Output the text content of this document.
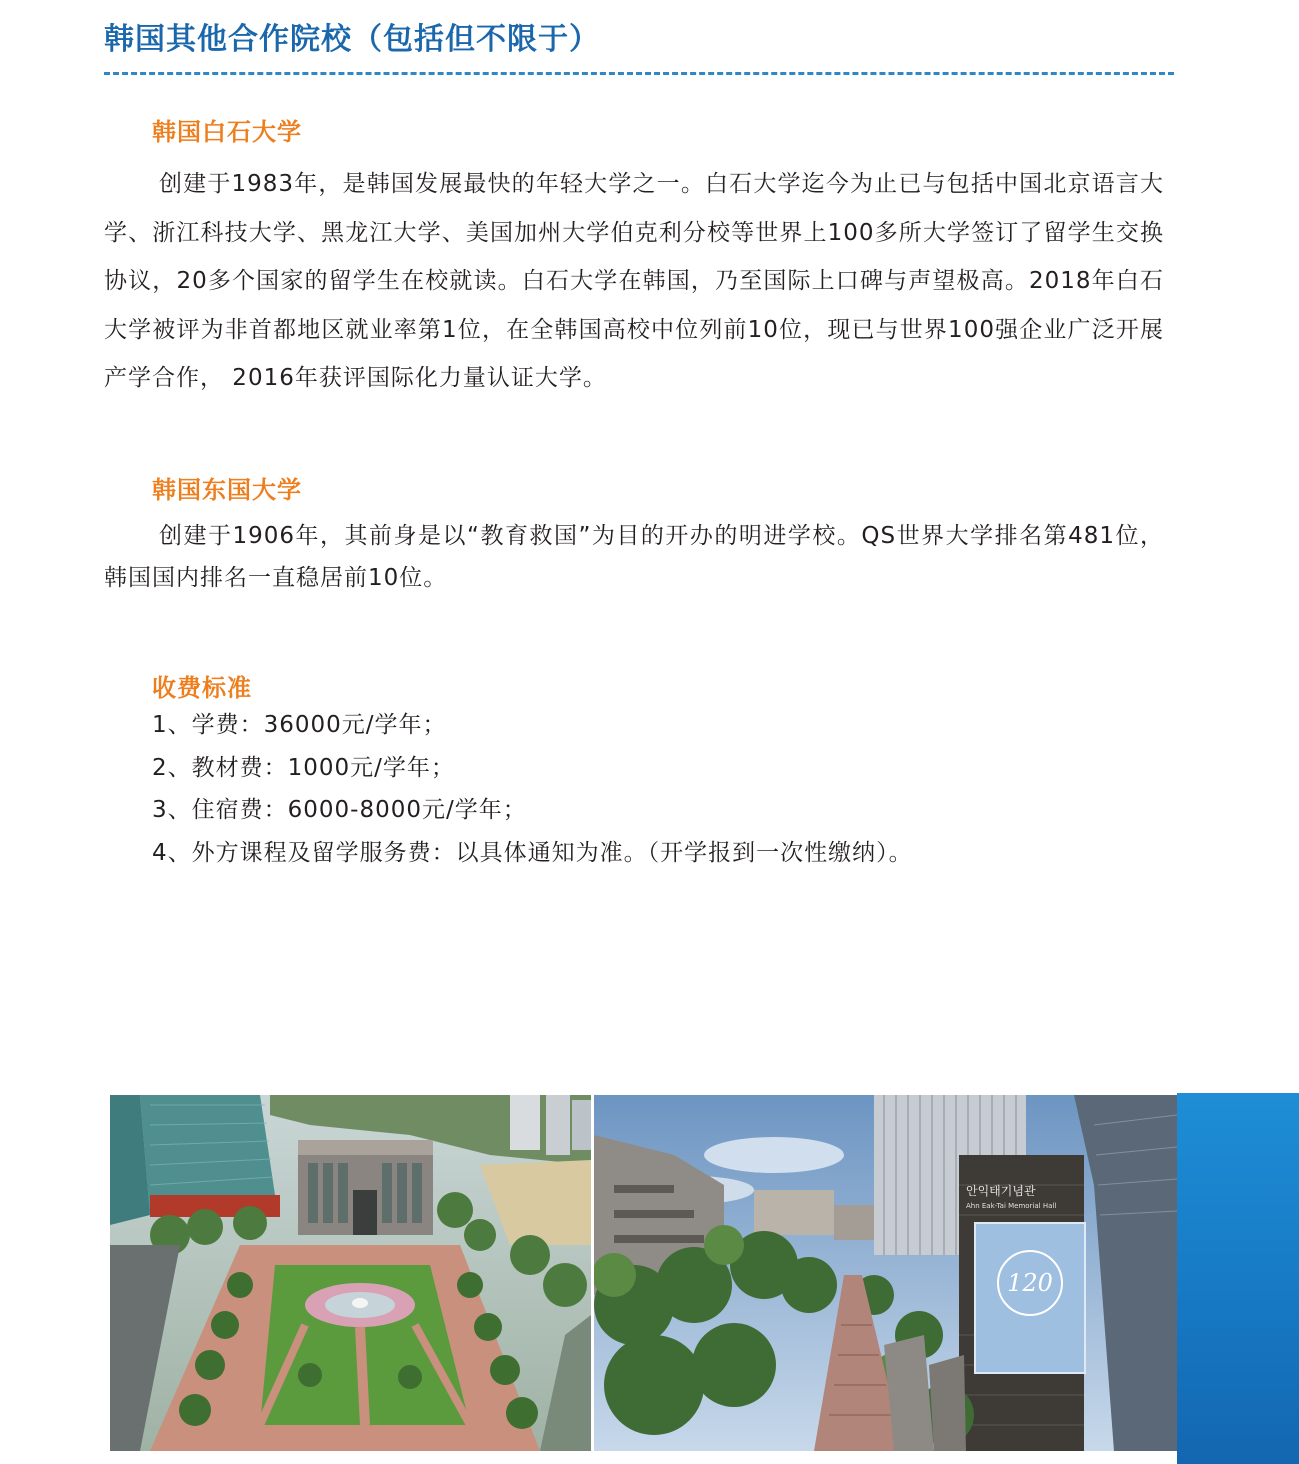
韩国其他合作院校（包括但不限于）
韩国白石大学

创建于1983年，是韩国发展最快的年轻大学之一。白石大学迄今为止已与包括中国北京语言大学、浙江科技大学、黑龙江大学、美国加州大学伯克利分校等世界上100多所大学签订了留学生交换协议，20多个国家的留学生在校就读。白石大学在韩国，乃至国际上口碑与声望极高。2018年白石大学被评为非首都地区就业率第1位，在全韩国高校中位列前10位，现已与世界100强企业广泛开展产学合作， 2016年获评国际化力量认证大学。

韩国东国大学

创建于1906年，其前身是以“教育救国”为目的开办的明进学校。QS世界大学排名第481位，韩国国内排名一直稳居前10位。

收费标准
1、学费：36000元/学年；
2、教材费：1000元/学年；
3、住宿费：6000-8000元/学年；
4、外方课程及留学服务费：以具体通知为准。（开学报到一次性缴纳）。
안익태기념관
Ahn Eak-Tai Memorial Hall
120
